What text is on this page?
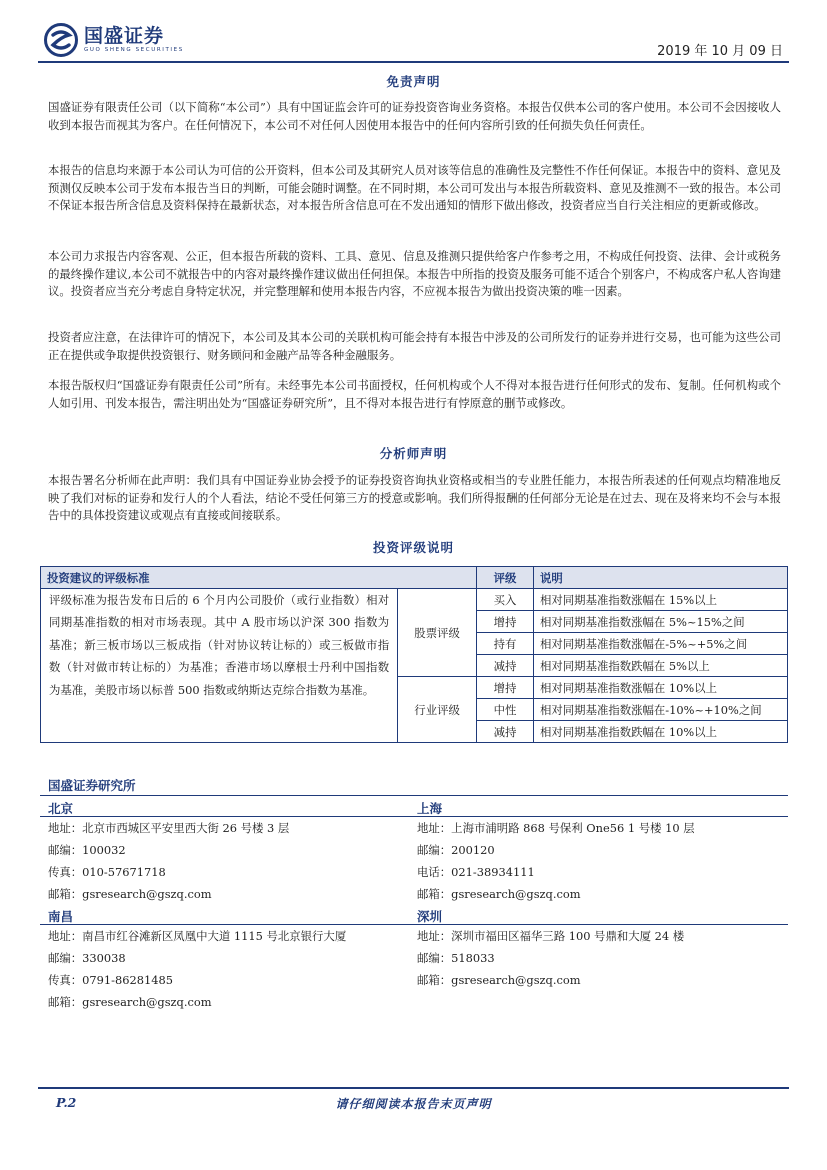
国盛证券
GUO SHENG SECURITIES	2019 年 10 月 09 日
免责声明

国盛证券有限责任公司（以下简称“本公司”）具有中国证监会许可的证券投资咨询业务资格。本报告仅供本公司的客户使用。本公司不会因接收人收到本报告而视其为客户。在任何情况下，本公司不对任何人因使用本报告中的任何内容所引致的任何损失负任何责任。

本报告的信息均来源于本公司认为可信的公开资料，但本公司及其研究人员对该等信息的准确性及完整性不作任何保证。本报告中的资料、意见及预测仅反映本公司于发布本报告当日的判断，可能会随时调整。在不同时期，本公司可发出与本报告所载资料、意见及推测不一致的报告。本公司不保证本报告所含信息及资料保持在最新状态，对本报告所含信息可在不发出通知的情形下做出修改，投资者应当自行关注相应的更新或修改。

本公司力求报告内容客观、公正，但本报告所载的资料、工具、意见、信息及推测只提供给客户作参考之用，不构成任何投资、法律、会计或税务的最终操作建议,本公司不就报告中的内容对最终操作建议做出任何担保。本报告中所指的投资及服务可能不适合个别客户，不构成客户私人咨询建议。投资者应当充分考虑自身特定状况，并完整理解和使用本报告内容，不应视本报告为做出投资决策的唯一因素。

投资者应注意，在法律许可的情况下，本公司及其本公司的关联机构可能会持有本报告中涉及的公司所发行的证券并进行交易，也可能为这些公司正在提供或争取提供投资银行、财务顾问和金融产品等各种金融服务。

本报告版权归“国盛证券有限责任公司”所有。未经事先本公司书面授权，任何机构或个人不得对本报告进行任何形式的发布、复制。任何机构或个人如引用、刊发本报告，需注明出处为“国盛证券研究所”，且不得对本报告进行有悖原意的删节或修改。

分析师声明

本报告署名分析师在此声明：我们具有中国证券业协会授予的证券投资咨询执业资格或相当的专业胜任能力，本报告所表述的任何观点均精准地反映了我们对标的证券和发行人的个人看法，结论不受任何第三方的授意或影响。我们所得报酬的任何部分无论是在过去、现在及将来均不会与本报告中的具体投资建议或观点有直接或间接联系。

投资评级说明
投资建议的评级标准		评级	说明
评级标准为报告发布日后的 6 个月内公司股价（或行业指数）相对同期基准指数的相对市场表现。其中 A 股市场以沪深 300 指数为基准；新三板市场以三板成指（针对协议转让标的）或三板做市指数（针对做市转让标的）为基准；香港市场以摩根士丹利中国指数为基准，美股市场以标普 500 指数或纳斯达克综合指数为基准。	股票评级	买入	相对同期基准指数涨幅在 15%以上
		增持	相对同期基准指数涨幅在 5%~15%之间
		持有	相对同期基准指数涨幅在-5%~+5%之间
		减持	相对同期基准指数跌幅在 5%以上
	行业评级	增持	相对同期基准指数涨幅在 10%以上
		中性	相对同期基准指数涨幅在-10%~+10%之间
		减持	相对同期基准指数跌幅在 10%以上
国盛证券研究所
北京	上海
地址：北京市西城区平安里西大街 26 号楼 3 层
邮编：100032
传真：010-57671718
邮箱：gsresearch@gszq.com
地址：上海市浦明路 868 号保利 One56 1 号楼 10 层
邮编：200120
电话：021-38934111
邮箱：gsresearch@gszq.com
南昌	深圳
地址：南昌市红谷滩新区凤凰中大道 1115 号北京银行大厦
邮编：330038
传真：0791-86281485
邮箱：gsresearch@gszq.com
地址：深圳市福田区福华三路 100 号鼎和大厦 24 楼
邮编：518033
邮箱：gsresearch@gszq.com
P.2	请仔细阅读本报告末页声明
